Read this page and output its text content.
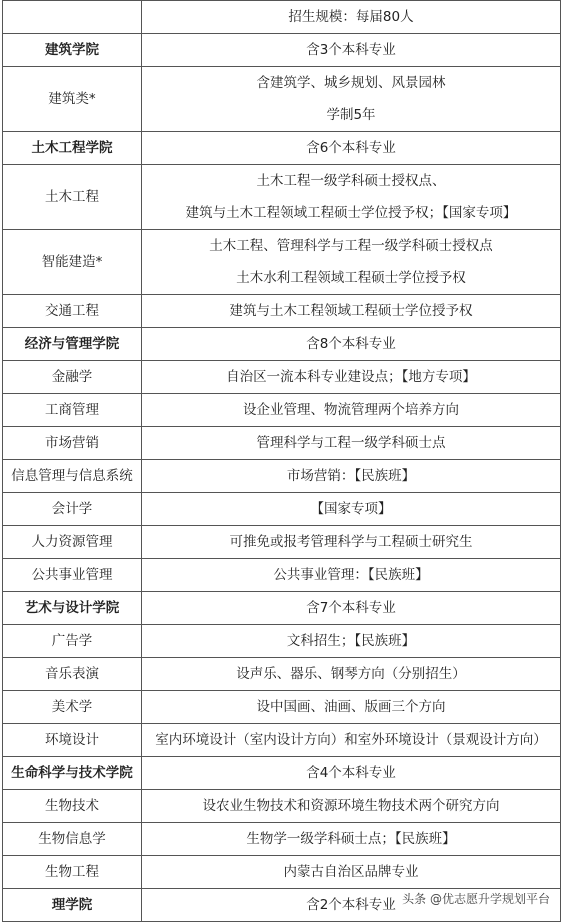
	招生规模：每届80人

建筑学院	含3个本科专业

建筑类*	含建筑学、城乡规划、风景园林
学制5年

土木工程学院	含6个本科专业

土木工程	土木工程一级学科硕士授权点、
建筑与土木工程领域工程硕士学位授予权；【国家专项】

智能建造*	土木工程、管理科学与工程一级学科硕士授权点
土木水利工程领域工程硕士学位授予权

交通工程	建筑与土木工程领域工程硕士学位授予权

经济与管理学院	含8个本科专业

金融学	自治区一流本科专业建设点；【地方专项】

工商管理	设企业管理、物流管理两个培养方向

市场营销	管理科学与工程一级学科硕士点

信息管理与信息系统	市场营销：【民族班】

会计学	【国家专项】

人力资源管理	可推免或报考管理科学与工程硕士研究生

公共事业管理	公共事业管理：【民族班】

艺术与设计学院	含7个本科专业

广告学	文科招生；【民族班】

音乐表演	设声乐、器乐、钢琴方向（分别招生）

美术学	设中国画、油画、版画三个方向

环境设计	室内环境设计（室内设计方向）和室外环境设计（景观设计方向）

生命科学与技术学院	含4个本科专业

生物技术	设农业生物技术和资源环境生物技术两个研究方向

生物信息学	生物学一级学科硕士点；【民族班】

生物工程	内蒙古自治区品牌专业

理学院	含2个本科专业 头条 @优志愿升学规划平台
